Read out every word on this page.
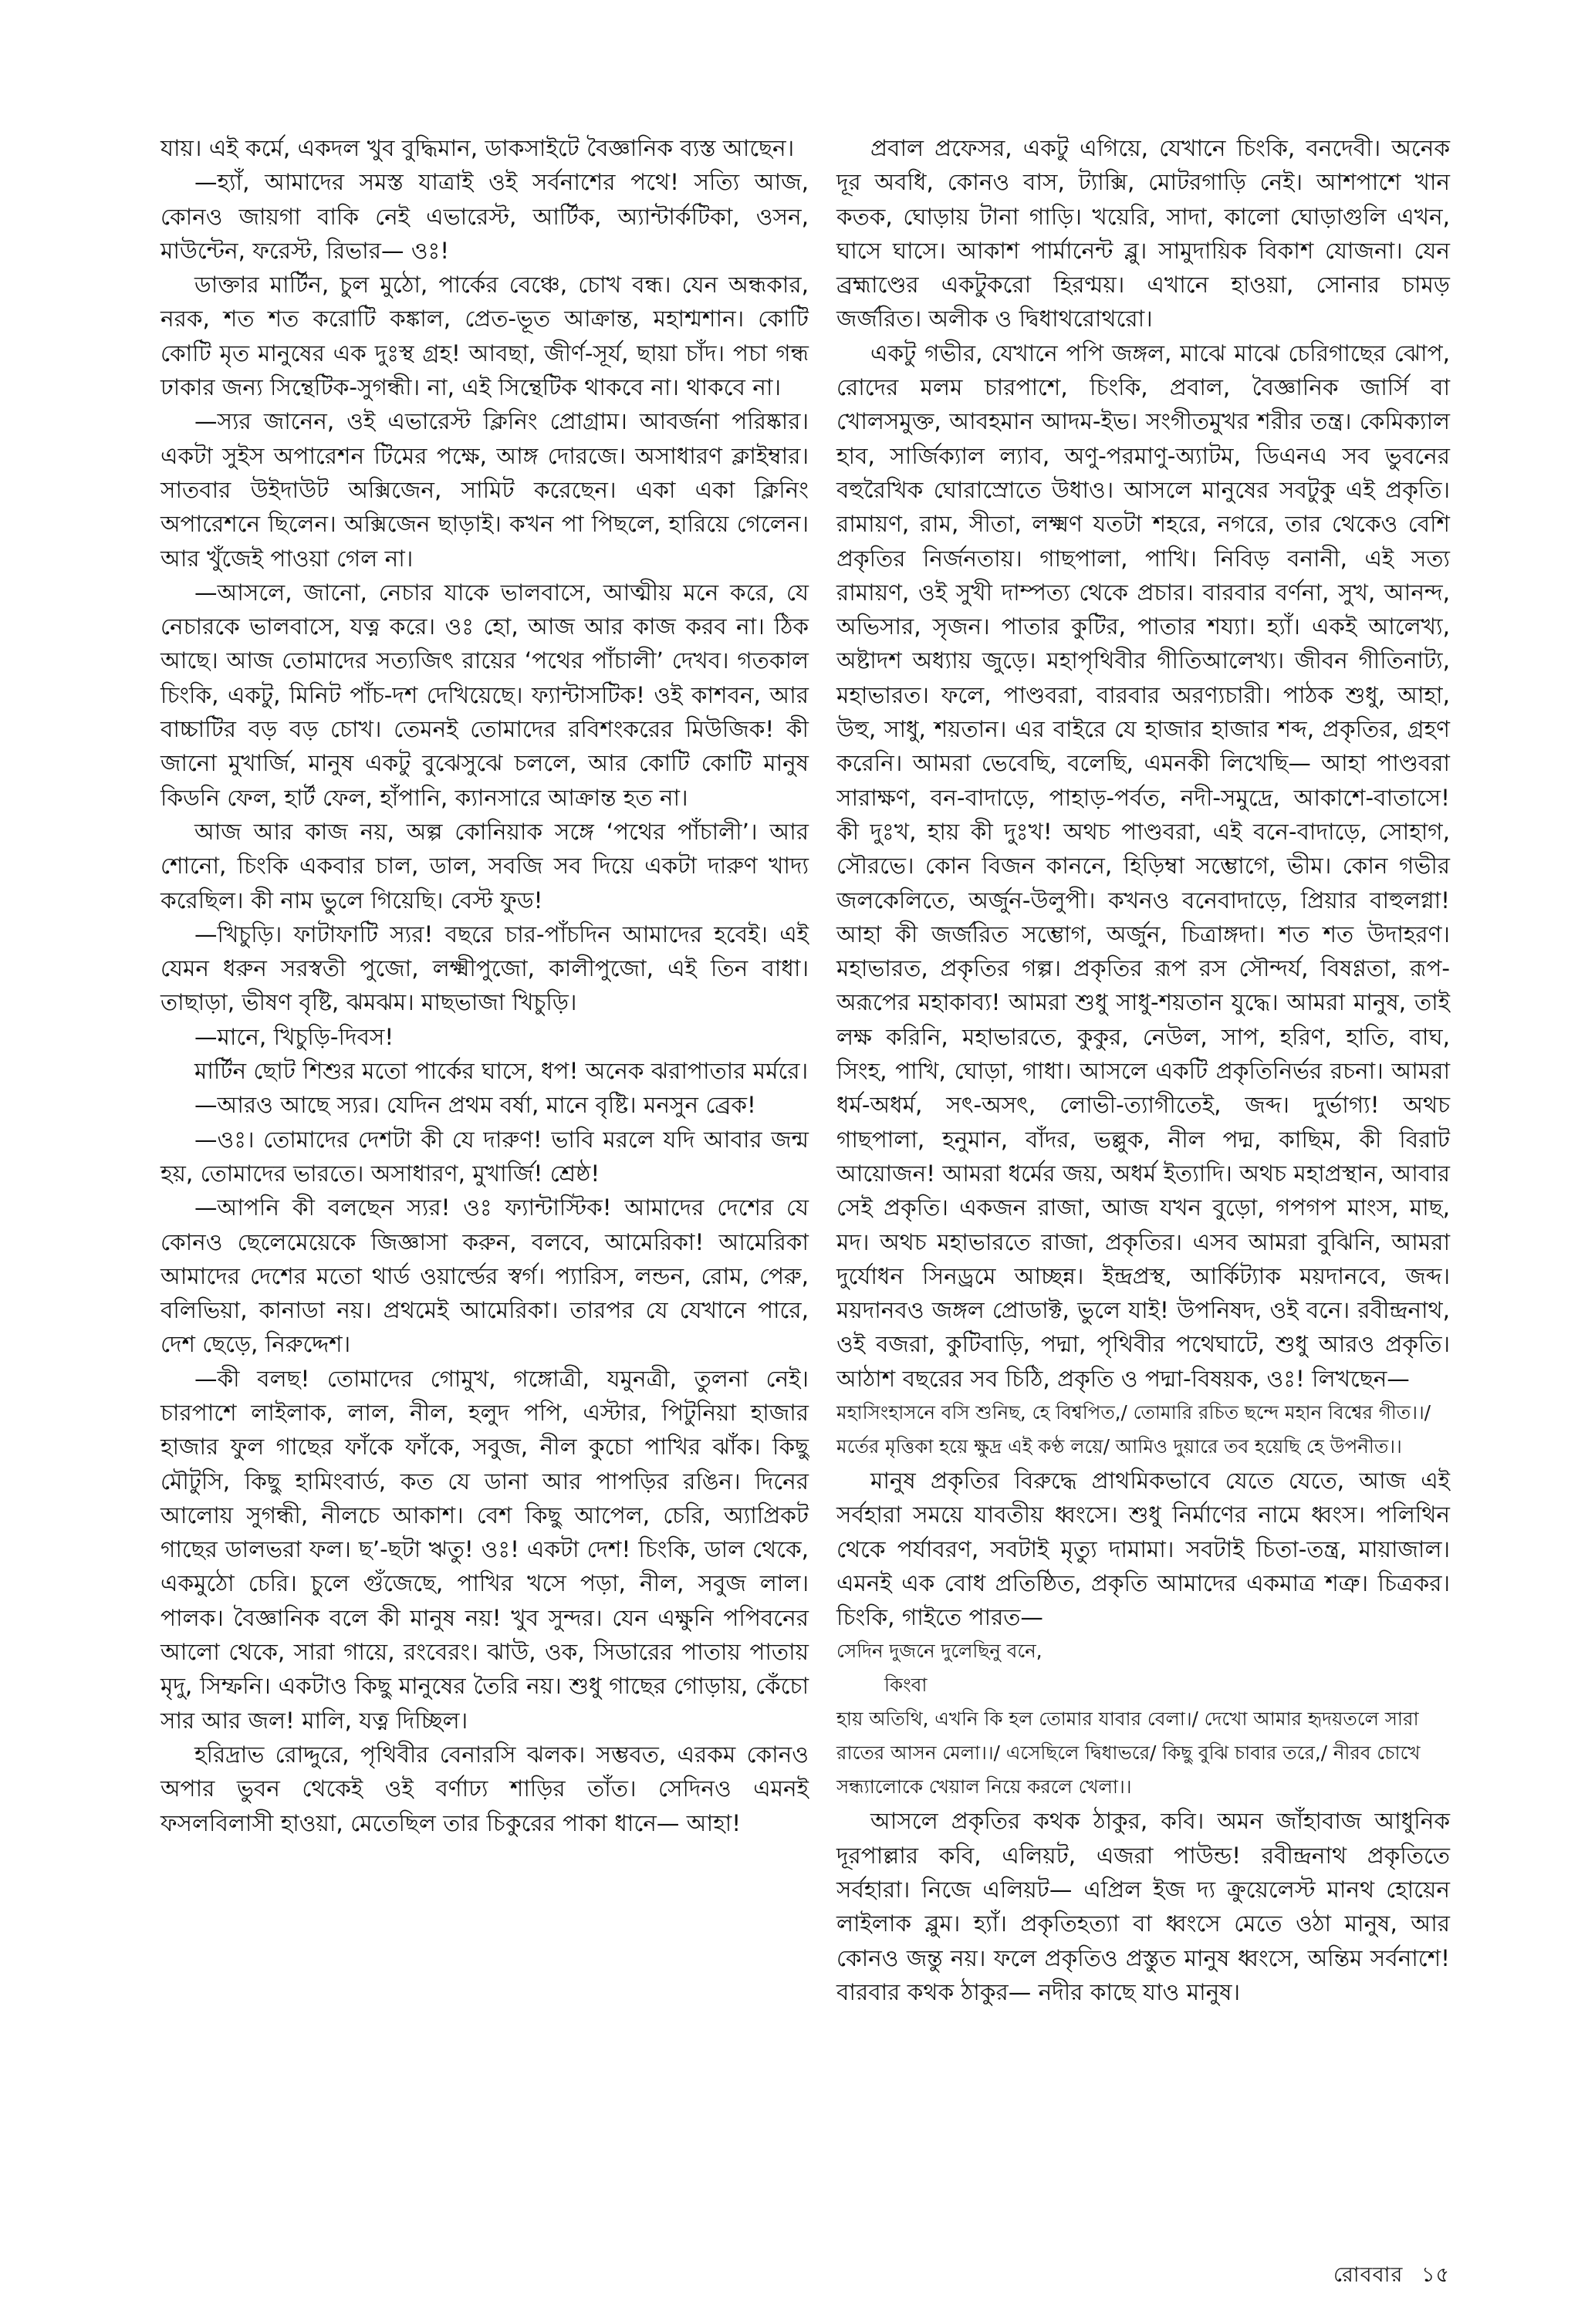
যায়। এই কর্মে, একদল খুব বুদ্ধিমান, ডাকসাইটে বৈজ্ঞানিক ব্যস্ত আছেন।

—হ্যাঁ, আমাদের সমস্ত যাত্রাই ওই সর্বনাশের পথে! সত্যি আজ, কোনও জায়গা বাকি নেই এভারেস্ট, আর্টিক, অ্যান্টার্কটিকা, ওসন, মাউন্টেন, ফরেস্ট, রিভার— ওঃ!

ডাক্তার মার্টিন, চুল মুঠো, পার্কের বেঞ্চে, চোখ বন্ধ। যেন অন্ধকার, নরক, শত শত করোটি কঙ্কাল, প্রেত-ভূত আক্রান্ত, মহাশ্মশান। কোটি কোটি মৃত মানুষের এক দুঃস্থ গ্রহ! আবছা, জীর্ণ-সূর্য, ছায়া চাঁদ। পচা গন্ধ ঢাকার জন্য সিন্থেটিক-সুগন্ধী। না, এই সিন্থেটিক থাকবে না। থাকবে না।

—স্যর জানেন, ওই এভারেস্ট ক্লিনিং প্রোগ্রাম। আবর্জনা পরিষ্কার। একটা সুইস অপারেশন টিমের পক্ষে, আঙ্গ দোরজে। অসাধারণ ক্লাইম্বার। সাতবার উইদাউট অক্সিজেন, সামিট করেছেন। একা একা ক্লিনিং অপারেশনে ছিলেন। অক্সিজেন ছাড়াই। কখন পা পিছলে, হারিয়ে গেলেন। আর খুঁজেই পাওয়া গেল না।

—আসলে, জানো, নেচার যাকে ভালবাসে, আত্মীয় মনে করে, যে নেচারকে ভালবাসে, যত্ন করে। ওঃ হো, আজ আর কাজ করব না। ঠিক আছে। আজ তোমাদের সত্যজিৎ রায়ের ‘পথের পাঁচালী’ দেখব। গতকাল চিংকি, একটু, মিনিট পাঁচ-দশ দেখিয়েছে। ফ্যান্টাসটিক! ওই কাশবন, আর বাচ্চাটির বড় বড় চোখ। তেমনই তোমাদের রবিশংকরের মিউজিক! কী জানো মুখার্জি, মানুষ একটু বুঝেসুঝে চললে, আর কোটি কোটি মানুষ কিডনি ফেল, হার্ট ফেল, হাঁপানি, ক্যানসারে আক্রান্ত হত না।

আজ আর কাজ নয়, অল্প কোনিয়াক সঙ্গে ‘পথের পাঁচালী’। আর শোনো, চিংকি একবার চাল, ডাল, সবজি সব দিয়ে একটা দারুণ খাদ্য করেছিল। কী নাম ভুলে গিয়েছি। বেস্ট ফুড!

—খিচুড়ি। ফাটাফাটি স্যর! বছরে চার-পাঁচদিন আমাদের হবেই। এই যেমন ধরুন সরস্বতী পুজো, লক্ষ্মীপুজো, কালীপুজো, এই তিন বাধা। তাছাড়া, ভীষণ বৃষ্টি, ঝমঝম। মাছভাজা খিচুড়ি।

—মানে, খিচুড়ি-দিবস!

মার্টিন ছোট শিশুর মতো পার্কের ঘাসে, ধপ! অনেক ঝরাপাতার মর্মরে।

—আরও আছে স্যর। যেদিন প্রথম বর্ষা, মানে বৃষ্টি। মনসুন ব্রেক!

—ওঃ। তোমাদের দেশটা কী যে দারুণ! ভাবি মরলে যদি আবার জন্ম হয়, তোমাদের ভারতে। অসাধারণ, মুখার্জি! শ্রেষ্ঠ!

—আপনি কী বলছেন স্যর! ওঃ ফ্যান্টাস্টিক! আমাদের দেশের যে কোনও ছেলেমেয়েকে জিজ্ঞাসা করুন, বলবে, আমেরিকা! আমেরিকা আমাদের দেশের মতো থার্ড ওয়ার্ল্ডের স্বর্গ। প্যারিস, লন্ডন, রোম, পেরু, বলিভিয়া, কানাডা নয়। প্রথমেই আমেরিকা। তারপর যে যেখানে পারে, দেশ ছেড়ে, নিরুদ্দেশ।

—কী বলছ! তোমাদের গোমুখ, গঙ্গোত্রী, যমুনত্রী, তুলনা নেই। চারপাশে লাইলাক, লাল, নীল, হলুদ পপি, এস্টার, পিটুনিয়া হাজার হাজার ফুল গাছের ফাঁকে ফাঁকে, সবুজ, নীল কুচো পাখির ঝাঁক। কিছু মৌটুসি, কিছু হামিংবার্ড, কত যে ডানা আর পাপড়ির রঙিন। দিনের আলোয় সুগন্ধী, নীলচে আকাশ। বেশ কিছু আপেল, চেরি, অ্যাপ্রিকট গাছের ডালভরা ফল। ছ’-ছটা ঋতু! ওঃ! একটা দেশ! চিংকি, ডাল থেকে, একমুঠো চেরি। চুলে গুঁজেছে, পাখির খসে পড়া, নীল, সবুজ লাল। পালক। বৈজ্ঞানিক বলে কী মানুষ নয়! খুব সুন্দর। যেন এক্ষুনি পপিবনের আলো থেকে, সারা গায়ে, রংবেরং। ঝাউ, ওক, সিডারের পাতায় পাতায় মৃদু, সিম্ফনি। একটাও কিছু মানুষের তৈরি নয়। শুধু গাছের গোড়ায়, কেঁচো সার আর জল! মালি, যত্ন দিচ্ছিল।

হরিদ্রাভ রোদ্দুরে, পৃথিবীর বেনারসি ঝলক। সম্ভবত, এরকম কোনও অপার ভুবন থেকেই ওই বর্ণাঢ্য শাড়ির তাঁত। সেদিনও এমনই ফসলবিলাসী হাওয়া, মেতেছিল তার চিকুরের পাকা ধানে— আহা!

প্রবাল প্রফেসর, একটু এগিয়ে, যেখানে চিংকি, বনদেবী। অনেক দূর অবধি, কোনও বাস, ট্যাক্সি, মোটরগাড়ি নেই। আশপাশে খান কতক, ঘোড়ায় টানা গাড়ি। খয়েরি, সাদা, কালো ঘোড়াগুলি এখন, ঘাসে ঘাসে। আকাশ পার্মানেন্ট ব্লু। সামুদায়িক বিকাশ যোজনা। যেন ব্রহ্মাণ্ডের একটুকরো হিরণ্ময়। এখানে হাওয়া, সোনার চামড় জর্জরিত। অলীক ও দ্বিধাথরোথরো।

একটু গভীর, যেখানে পপি জঙ্গল, মাঝে মাঝে চেরিগাছের ঝোপ, রোদের মলম চারপাশে, চিংকি, প্রবাল, বৈজ্ঞানিক জার্সি বা খোলসমুক্ত, আবহমান আদম-ইভ। সংগীতমুখর শরীর তন্ত্র। কেমিক্যাল হাব, সার্জিক্যাল ল্যাব, অণু-পরমাণু-অ্যাটম, ডিএনএ সব ভুবনের বহুরৈখিক ঘোরাস্রোতে উধাও। আসলে মানুষের সবটুকু এই প্রকৃতি। রামায়ণ, রাম, সীতা, লক্ষ্মণ যতটা শহরে, নগরে, তার থেকেও বেশি প্রকৃতির নির্জনতায়। গাছপালা, পাখি। নিবিড় বনানী, এই সত্য রামায়ণ, ওই সুখী দাম্পত্য থেকে প্রচার। বারবার বর্ণনা, সুখ, আনন্দ, অভিসার, সৃজন। পাতার কুটির, পাতার শয্যা। হ্যাঁ। একই আলেখ্য, অষ্টাদশ অধ্যায় জুড়ে। মহাপৃথিবীর গীতিআলেখ্য। জীবন গীতিনাট্য, মহাভারত। ফলে, পাণ্ডবরা, বারবার অরণ্যচারী। পাঠক শুধু, আহা, উহু, সাধু, শয়তান। এর বাইরে যে হাজার হাজার শব্দ, প্রকৃতির, গ্রহণ করেনি। আমরা ভেবেছি, বলেছি, এমনকী লিখেছি— আহা পাণ্ডবরা সারাক্ষণ, বন-বাদাড়ে, পাহাড়-পর্বত, নদী-সমুদ্রে, আকাশে-বাতাসে! কী দুঃখ, হায় কী দুঃখ! অথচ পাণ্ডবরা, এই বনে-বাদাড়ে, সোহাগ, সৌরভে। কোন বিজন কাননে, হিড়িম্বা সম্ভোগে, ভীম। কোন গভীর জলকেলিতে, অর্জুন-উলুপী। কখনও বনেবাদাড়ে, প্রিয়ার বাহুলগ্না! আহা কী জর্জরিত সম্ভোগ, অর্জুন, চিত্রাঙ্গদা। শত শত উদাহরণ। মহাভারত, প্রকৃতির গল্প। প্রকৃতির রূপ রস সৌন্দর্য, বিষণ্ণতা, রূপ-অরূপের মহাকাব্য! আমরা শুধু সাধু-শয়তান যুদ্ধে। আমরা মানুষ, তাই লক্ষ করিনি, মহাভারতে, কুকুর, নেউল, সাপ, হরিণ, হাতি, বাঘ, সিংহ, পাখি, ঘোড়া, গাধা। আসলে একটি প্রকৃতিনির্ভর রচনা। আমরা ধর্ম-অধর্ম, সৎ-অসৎ, লোভী-ত্যাগীতেই, জব্দ। দুর্ভাগ্য! অথচ গাছপালা, হনুমান, বাঁদর, ভল্লুক, নীল পদ্ম, কাছিম, কী বিরাট আয়োজন! আমরা ধর্মের জয়, অধর্ম ইত্যাদি। অথচ মহাপ্রস্থান, আবার সেই প্রকৃতি। একজন রাজা, আজ যখন বুড়ো, গপগপ মাংস, মাছ, মদ। অথচ মহাভারতে রাজা, প্রকৃতির। এসব আমরা বুঝিনি, আমরা দুর্যোধন সিনড্রমে আচ্ছন্ন। ইন্দ্রপ্রস্থ, আর্কিট্যাক ময়দানবে, জব্দ। ময়দানবও জঙ্গল প্রোডাক্ট, ভুলে যাই! উপনিষদ, ওই বনে। রবীন্দ্রনাথ, ওই বজরা, কুটিবাড়ি, পদ্মা, পৃথিবীর পথেঘাটে, শুধু আরও প্রকৃতি। আঠাশ বছরের সব চিঠি, প্রকৃতি ও পদ্মা-বিষয়ক, ওঃ! লিখছেন—

মহাসিংহাসনে বসি শুনিছ, হে বিশ্বপিত,/ তোমারি রচিত ছন্দে মহান বিশ্বের গীত।।/ মর্তের মৃত্তিকা হয়ে ক্ষুদ্র এই কণ্ঠ লয়ে/ আমিও দুয়ারে তব হয়েছি হে উপনীত।।

মানুষ প্রকৃতির বিরুদ্ধে প্রাথমিকভাবে যেতে যেতে, আজ এই সর্বহারা সময়ে যাবতীয় ধ্বংসে। শুধু নির্মাণের নামে ধ্বংস। পলিথিন থেকে পর্যাবরণ, সবটাই মৃত্যু দামামা। সবটাই চিতা-তন্ত্র, মায়াজাল। এমনই এক বোধ প্রতিষ্ঠিত, প্রকৃতি আমাদের একমাত্র শত্রু। চিত্রকর। চিংকি, গাইতে পারত—

সেদিন দুজনে দুলেছিনু বনে,

কিংবা

হায় অতিথি, এখনি কি হল তোমার যাবার বেলা।/ দেখো আমার হৃদয়তলে সারা রাতের আসন মেলা।।/ এসেছিলে দ্বিধাভরে/ কিছু বুঝি চাবার তরে,/ নীরব চোখে সন্ধ্যালোকে খেয়াল নিয়ে করলে খেলা।।

আসলে প্রকৃতির কথক ঠাকুর, কবি। অমন জাঁহাবাজ আধুনিক দূরপাল্লার কবি, এলিয়ট, এজরা পাউন্ড! রবীন্দ্রনাথ প্রকৃতিতে সর্বহারা। নিজে এলিয়ট— এপ্রিল ইজ দ্য ক্রুয়েলেস্ট মানথ হোয়েন লাইলাক ব্লুম। হ্যাঁ। প্রকৃতিহত্যা বা ধ্বংসে মেতে ওঠা মানুষ, আর কোনও জন্তু নয়। ফলে প্রকৃতিও প্রস্তুত মানুষ ধ্বংসে, অন্তিম সর্বনাশে! বারবার কথক ঠাকুর— নদীর কাছে যাও মানুষ।

রোববার ১৫
